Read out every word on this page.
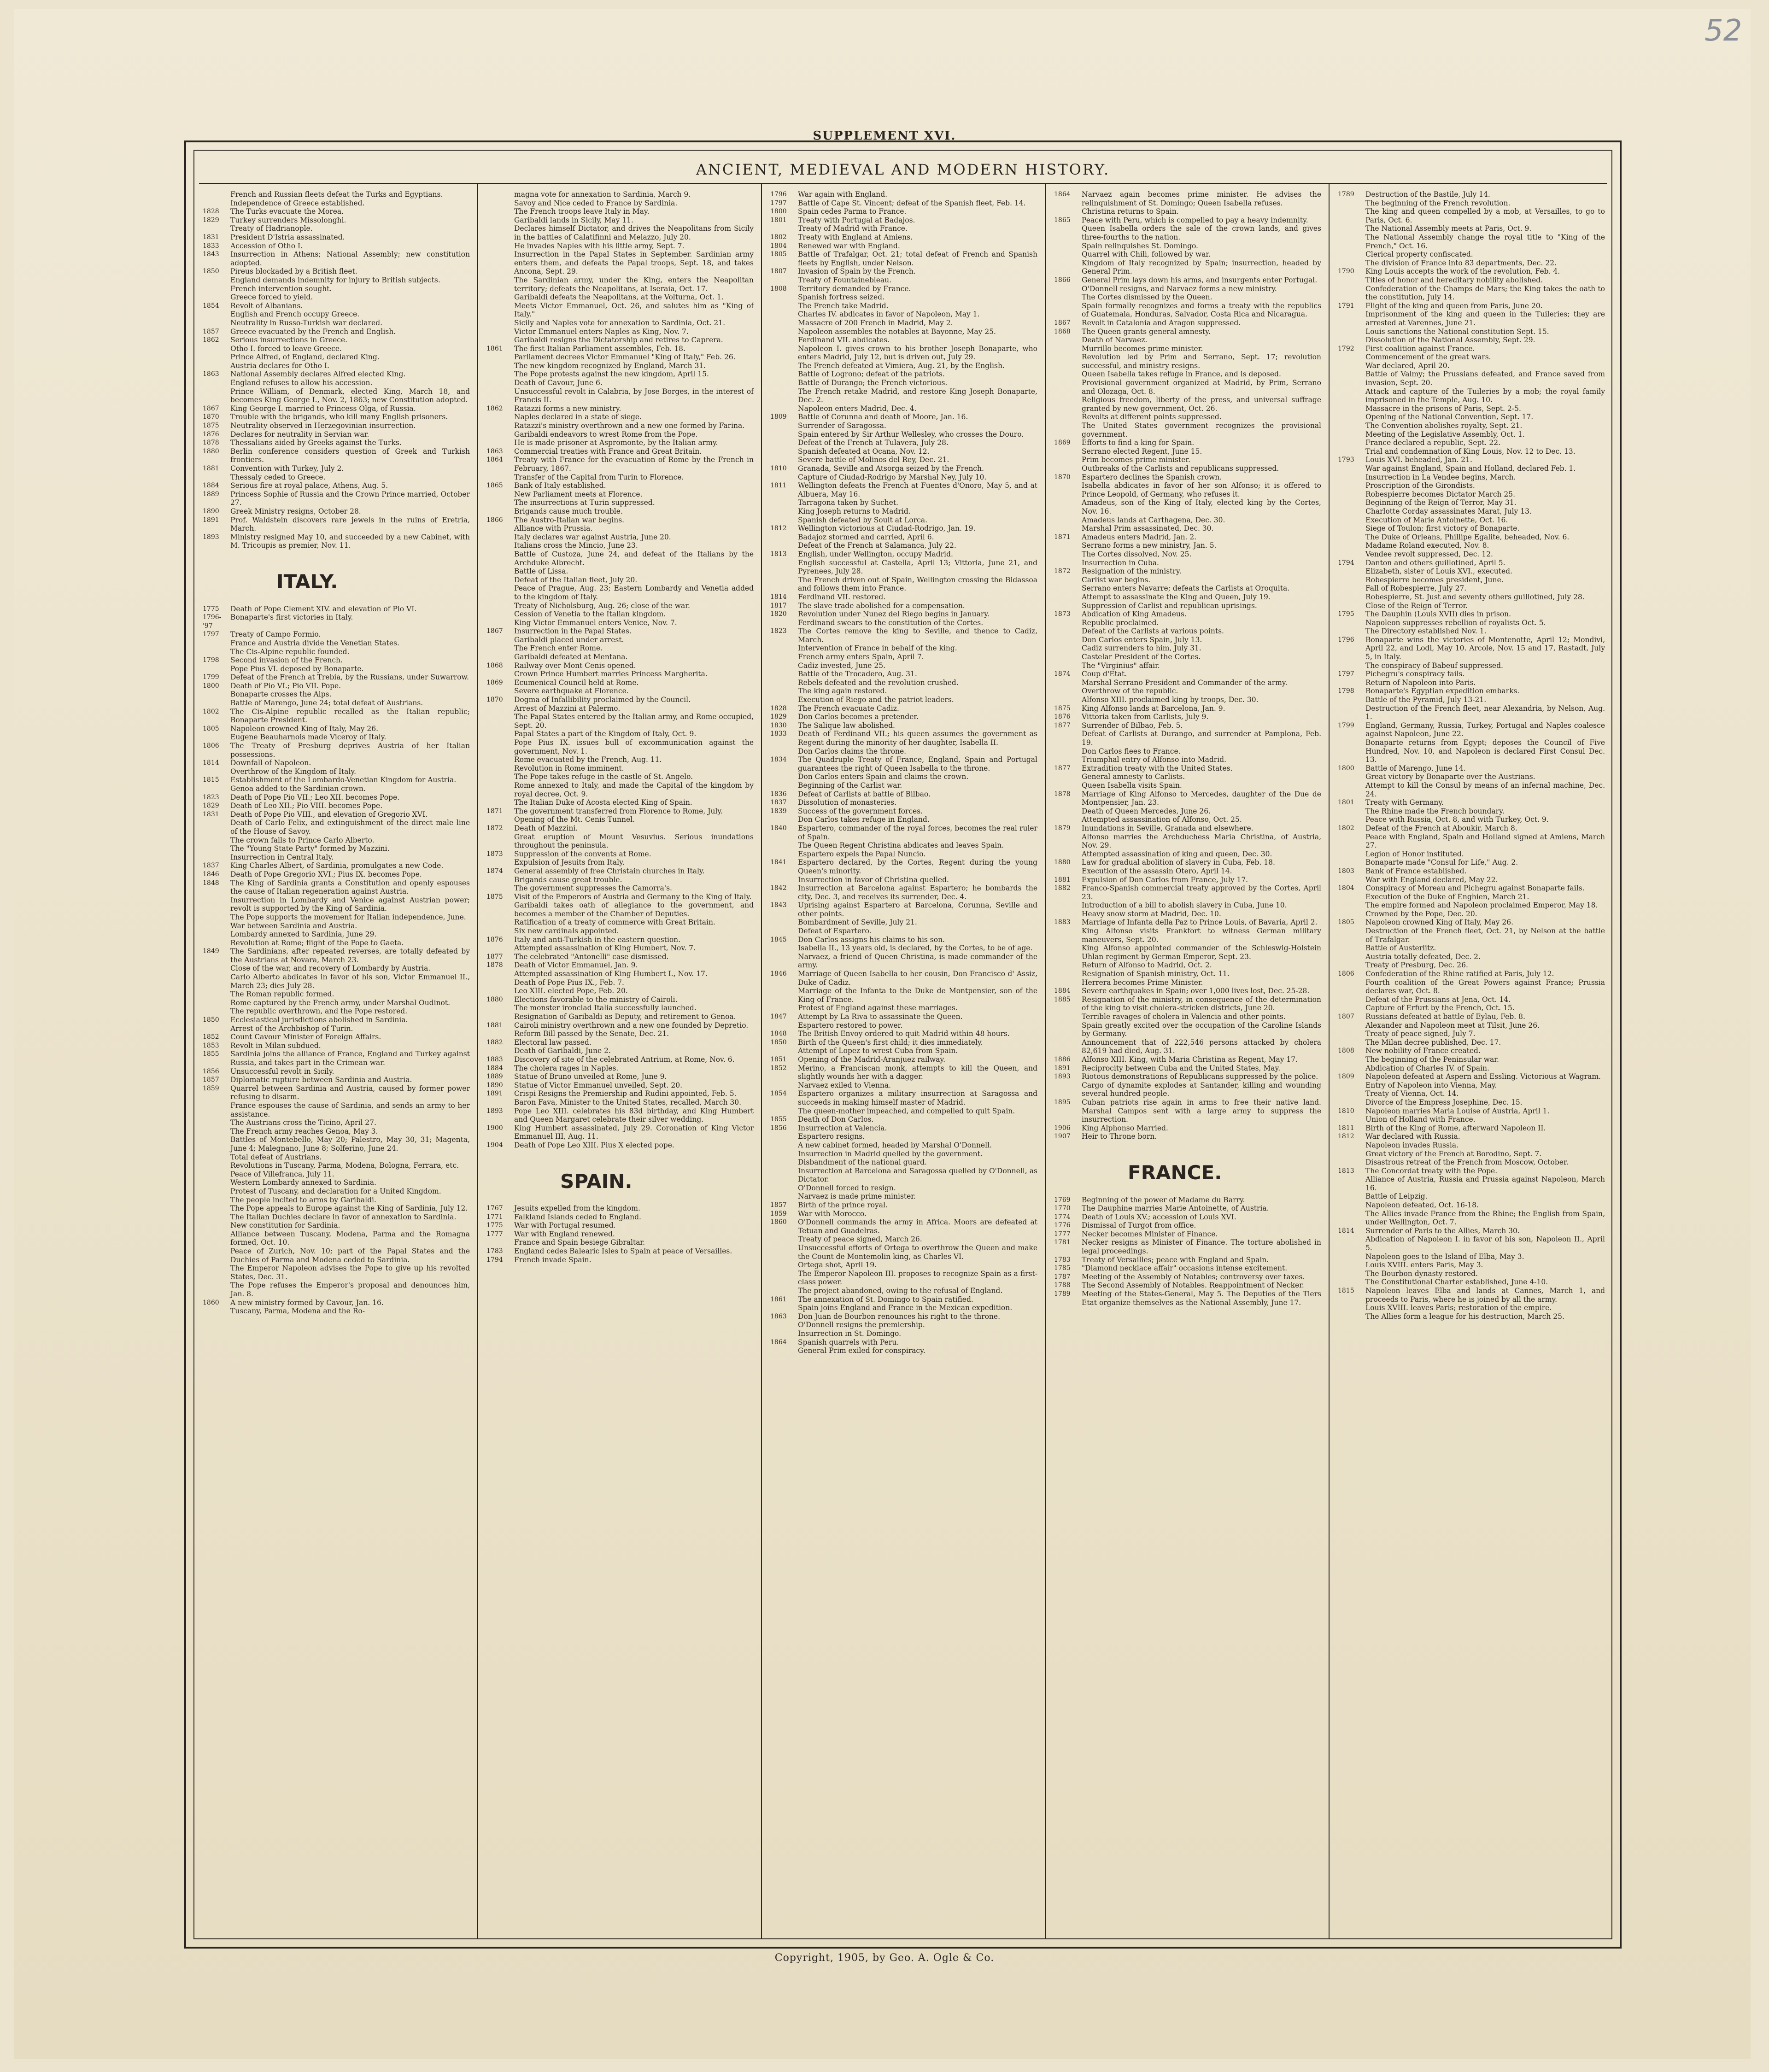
52
SUPPLEMENT XVI.
ANCIENT, MEDIEVAL AND MODERN HISTORY.
French and Russian fleets defeat the Turks and Egyptians.
Independence of Greece established.
1828	The Turks evacuate the Morea.
1829	Turkey surrenders Missolonghi.
Treaty of Hadrianople.
1831	President D'Istria assassinated.
1833	Accession of Otho I.
1843	Insurrection in Athens; National Assembly; new constitution adopted.
1850	Pireus blockaded by a British fleet.
England demands indemnity for injury to British subjects.
French intervention sought.
Greece forced to yield.
1854	Revolt of Albanians.
English and French occupy Greece.
Neutrality in Russo-Turkish war declared.
1857	Greece evacuated by the French and English.
1862	Serious insurrections in Greece.
Otho I. forced to leave Greece.
Prince Alfred, of England, declared King.
Austria declares for Otho I.
1863	National Assembly declares Alfred elected King.
England refuses to allow his accession.
Prince William, of Denmark, elected King, March 18, and becomes King George I., Nov. 2, 1863; new Constitution adopted.
1867	King George I. married to Princess Olga, of Russia.
1870	Trouble with the brigands, who kill many English prisoners.
1875	Neutrality observed in Herzegovinian insurrection.
1876	Declares for neutrality in Servian war.
1878	Thessalians aided by Greeks against the Turks.
1880	Berlin conference considers question of Greek and Turkish frontiers.
1881	Convention with Turkey, July 2.
Thessaly ceded to Greece.
1884	Serious fire at royal palace, Athens, Aug. 5.
1889	Princess Sophie of Russia and the Crown Prince married, October 27.
1890	Greek Ministry resigns, October 28.
1891	Prof. Waldstein discovers rare jewels in the ruins of Eretria, March.
1893	Ministry resigned May 10, and succeeded by a new Cabinet, with M. Tricoupis as premier, Nov. 11.
ITALY.
1775	Death of Pope Clement XIV. and elevation of Pio VI.
1796-'97
Bonaparte's first victories in Italy.
1797	Treaty of Campo Formio.
France and Austria divide the Venetian States.
The Cis-Alpine republic founded.
1798	Second invasion of the French.
Pope Pius VI. deposed by Bonaparte.
1799	Defeat of the French at Trebia, by the Russians, under Suwarrow.
1800	Death of Pio VI.; Pio VII. Pope.
Bonaparte crosses the Alps.
Battle of Marengo, June 24; total defeat of Austrians.
1802	The Cis-Alpine republic recalled as the Italian republic; Bonaparte President.
1805	Napoleon crowned King of Italy, May 26.
Eugene Beauharnois made Viceroy of Italy.
1806	The Treaty of Presburg deprives Austria of her Italian possessions.
1814	Downfall of Napoleon.
Overthrow of the Kingdom of Italy.
1815	Establishment of the Lombardo-Venetian Kingdom for Austria.
Genoa added to the Sardinian crown.
1823	Death of Pope Pio VII.; Leo XII. becomes Pope.
1829	Death of Leo XII.; Pio VIII. becomes Pope.
1831	Death of Pope Pio VIII., and elevation of Gregorio XVI.
Death of Carlo Felix, and extinguishment of the direct male line of the House of Savoy.
The crown falls to Prince Carlo Alberto.
The "Young State Party" formed by Mazzini.
Insurrection in Central Italy.
1837	King Charles Albert, of Sardinia, promulgates a new Code.
1846	Death of Pope Gregorio XVI.; Pius IX. becomes Pope.
1848	The King of Sardinia grants a Constitution and openly espouses the cause of Italian regeneration against Austria.
Insurrection in Lombardy and Venice against Austrian power; revolt is supported by the King of Sardinia.
The Pope supports the movement for Italian independence, June.
War between Sardinia and Austria.
Lombardy annexed to Sardinia, June 29.
Revolution at Rome; flight of the Pope to Gaeta.
1849	The Sardinians, after repeated reverses, are totally defeated by the Austrians at Novara, March 23.
Close of the war, and recovery of Lombardy by Austria.
Carlo Alberto abdicates in favor of his son, Victor Emmanuel II., March 23; dies July 28.
The Roman republic formed.
Rome captured by the French army, under Marshal Oudinot.
The republic overthrown, and the Pope restored.
1850	Ecclesiastical jurisdictions abolished in Sardinia.
Arrest of the Archbishop of Turin.
1852	Count Cavour Minister of Foreign Affairs.
1853	Revolt in Milan subdued.
1855	Sardinia joins the alliance of France, England and Turkey against Russia, and takes part in the Crimean war.
1856	Unsuccessful revolt in Sicily.
1857	Diplomatic rupture between Sardinia and Austria.
1859	Quarrel between Sardinia and Austria, caused by former power refusing to disarm.
France espouses the cause of Sardinia, and sends an army to her assistance.
The Austrians cross the Ticino, April 27.
The French army reaches Genoa, May 3.
Battles of Montebello, May 20; Palestro, May 30, 31; Magenta, June 4; Malegnano, June 8; Solferino, June 24.
Total defeat of Austrians.
Revolutions in Tuscany, Parma, Modena, Bologna, Ferrara, etc.
Peace of Villefranca, July 11.
Western Lombardy annexed to Sardinia.
Protest of Tuscany, and declaration for a United Kingdom.
The people incited to arms by Garibaldi.
The Pope appeals to Europe against the King of Sardinia, July 12.
The Italian Duchies declare in favor of annexation to Sardinia.
New constitution for Sardinia.
Alliance between Tuscany, Modena, Parma and the Romagna formed, Oct. 10.
Peace of Zurich, Nov. 10; part of the Papal States and the Duchies of Parma and Modena ceded to Sardinia.
The Emperor Napoleon advises the Pope to give up his revolted States, Dec. 31.
The Pope refuses the Emperor's proposal and denounces him, Jan. 8.
1860	A new ministry formed by Cavour, Jan. 16.
Tuscany, Parma, Modena and the Ro-
magna vote for annexation to Sardinia, March 9.
Savoy and Nice ceded to France by Sardinia.
The French troops leave Italy in May.
Garibaldi lands in Sicily, May 11.
Declares himself Dictator, and drives the Neapolitans from Sicily in the battles of Calatifinni and Melazzo, July 20.
He invades Naples with his little army, Sept. 7.
Insurrection in the Papal States in September. Sardinian army enters them, and defeats the Papal troops, Sept. 18, and takes Ancona, Sept. 29.
The Sardinian army, under the King, enters the Neapolitan territory; defeats the Neapolitans, at Iseraia, Oct. 17.
Garibaldi defeats the Neapolitans, at the Volturna, Oct. 1.
Meets Victor Emmanuel, Oct. 26, and salutes him as "King of Italy."
Sicily and Naples vote for annexation to Sardinia, Oct. 21.
Victor Emmanuel enters Naples as King, Nov. 7.
Garibaldi resigns the Dictatorship and retires to Caprera.
1861	The first Italian Parliament assembles, Feb. 18.
Parliament decrees Victor Emmanuel "King of Italy," Feb. 26.
The new kingdom recognized by England, March 31.
The Pope protests against the new kingdom, April 15.
Death of Cavour, June 6.
Unsuccessful revolt in Calabria, by Jose Borges, in the interest of Francis II.
1862	Ratazzi forms a new ministry.
Naples declared in a state of siege.
Ratazzi's ministry overthrown and a new one formed by Farina.
Garibaldi endeavors to wrest Rome from the Pope.
He is made prisoner at Aspromonte, by the Italian army.
1863	Commercial treaties with France and Great Britain.
1864	Treaty with France for the evacuation of Rome by the French in February, 1867.
Transfer of the Capital from Turin to Florence.
1865	Bank of Italy established.
New Parliament meets at Florence.
The insurrections at Turin suppressed.
Brigands cause much trouble.
1866	The Austro-Italian war begins.
Alliance with Prussia.
Italy declares war against Austria, June 20.
Italians cross the Mincio, June 23.
Battle of Custoza, June 24, and defeat of the Italians by the Archduke Albrecht.
Battle of Lissa.
Defeat of the Italian fleet, July 20.
Peace of Prague, Aug. 23; Eastern Lombardy and Venetia added to the kingdom of Italy.
Treaty of Nicholsburg, Aug. 26; close of the war.
Cession of Venetia to the Italian kingdom.
King Victor Emmanuel enters Venice, Nov. 7.
1867	Insurrection in the Papal States.
Garibaldi placed under arrest.
The French enter Rome.
Garibaldi defeated at Mentana.
1868	Railway over Mont Cenis opened.
Crown Prince Humbert marries Princess Margherita.
1869	Ecumenical Council held at Rome.
Severe earthquake at Florence.
1870	Dogma of Infallibility proclaimed by the Council.
Arrest of Mazzini at Palermo.
The Papal States entered by the Italian army, and Rome occupied, Sept. 20.
Papal States a part of the Kingdom of Italy, Oct. 9.
Pope Pius IX. issues bull of excommunication against the government, Nov. 1.
Rome evacuated by the French, Aug. 11.
Revolution in Rome imminent.
The Pope takes refuge in the castle of St. Angelo.
Rome annexed to Italy, and made the Capital of the kingdom by royal decree, Oct. 9.
The Italian Duke of Acosta elected King of Spain.
1871	The government transferred from Florence to Rome, July.
Opening of the Mt. Cenis Tunnel.
1872	Death of Mazzini.
Great eruption of Mount Vesuvius. Serious inundations throughout the peninsula.
1873	Suppression of the convents at Rome.
Expulsion of Jesuits from Italy.
1874	General assembly of free Christain churches in Italy.
Brigands cause great trouble.
The government suppresses the Camorra's.
1875	Visit of the Emperors of Austria and Germany to the King of Italy.
Garibaldi takes oath of allegiance to the government, and becomes a member of the Chamber of Deputies.
Ratification of a treaty of commerce with Great Britain.
Six new cardinals appointed.
1876	Italy and anti-Turkish in the eastern question.
Attempted assassination of King Humbert, Nov. 7.
1877	The celebrated "Antonelli" case dismissed.
1878	Death of Victor Emmanuel, Jan. 9.
Attempted assassination of King Humbert I., Nov. 17.
Death of Pope Pius IX., Feb. 7.
Leo XIII. elected Pope, Feb. 20.
1880	Elections favorable to the ministry of Cairoli.
The monster ironclad Italia successfully launched.
Resignation of Garibaldi as Deputy, and retirement to Genoa.
1881	Cairoli ministry overthrown and a new one founded by Depretio.
Reform Bill passed by the Senate, Dec. 21.
1882	Electoral law passed.
Death of Garibaldi, June 2.
1883	Discovery of site of the celebrated Antrium, at Rome, Nov. 6.
1884	The cholera rages in Naples.
1889	Statue of Bruno unveiled at Rome, June 9.
1890	Statue of Victor Emmanuel unveiled, Sept. 20.
1891	Crispi Resigns the Premiership and Rudini appointed, Feb. 5.
Baron Fava, Minister to the United States, recalled, March 30.
1893	Pope Leo XIII. celebrates his 83d birthday, and King Humbert and Queen Margaret celebrate their silver wedding.
1900	King Humbert assassinated, July 29. Coronation of King Victor Emmanuel III, Aug. 11.
1904	Death of Pope Leo XIII. Pius X elected pope.
SPAIN.
1767	Jesuits expelled from the kingdom.
1771	Falkland Islands ceded to England.
1775	War with Portugal resumed.
1777	War with England renewed.
France and Spain besiege Gibraltar.
1783	England cedes Balearic Isles to Spain at peace of Versailles.
1794	French invade Spain.
1796	War again with England.
1797	Battle of Cape St. Vincent; defeat of the Spanish fleet, Feb. 14.
1800	Spain cedes Parma to France.
1801	Treaty with Portugal at Badajos.
Treaty of Madrid with France.
1802	Treaty with England at Amiens.
1804	Renewed war with England.
1805	Battle of Trafalgar, Oct. 21; total defeat of French and Spanish fleets by English, under Nelson.
1807	Invasion of Spain by the French.
Treaty of Fountainebleau.
1808	Territory demanded by France.
Spanish fortress seized.
The French take Madrid.
Charles IV. abdicates in favor of Napoleon, May 1.
Massacre of 200 French in Madrid, May 2.
Napoleon assembles the notables at Bayonne, May 25.
Ferdinand VII. abdicates.
Napoleon I. gives crown to his brother Joseph Bonaparte, who enters Madrid, July 12, but is driven out, July 29.
The French defeated at Vimiera, Aug. 21, by the English.
Battle of Logrono; defeat of the patriots.
Battle of Durango; the French victorious.
The French retake Madrid, and restore King Joseph Bonaparte, Dec. 2.
Napoleon enters Madrid, Dec. 4.
1809	Battle of Corunna and death of Moore, Jan. 16.
Surrender of Saragossa.
Spain entered by Sir Arthur Wellesley, who crosses the Douro.
Defeat of the French at Tulavera, July 28.
Spanish defeated at Ocana, Nov. 12.
Severe battle of Molinos del Rey, Dec. 21.
1810	Granada, Seville and Atsorga seized by the French.
Capture of Ciudad-Rodrigo by Marshal Ney, July 10.
1811	Wellington defeats the French at Fuentes d'Onoro, May 5, and at Albuera, May 16.
Tarragona taken by Suchet.
King Joseph returns to Madrid.
Spanish defeated by Soult at Lorca.
1812	Wellington victorious at Ciudad-Rodrigo, Jan. 19.
Badajoz stormed and carried, April 6.
Defeat of the French at Salamanca, July 22.
1813	English, under Wellington, occupy Madrid.
English successful at Castella, April 13; Vittoria, June 21, and Pyrenees, July 28.
The French driven out of Spain, Wellington crossing the Bidassoa and follows them into France.
1814	Ferdinand VII. restored.
1817	The slave trade abolished for a compensation.
1820	Revolution under Nunez del Riego begins in January.
Ferdinand swears to the constitution of the Cortes.
1823	The Cortes remove the king to Seville, and thence to Cadiz, March.
Intervention of France in behalf of the king.
French army enters Spain, April 7.
Cadiz invested, June 25.
Battle of the Trocadero, Aug. 31.
Rebels defeated and the revolution crushed.
The king again restored.
Execution of Riego and the patriot leaders.
1828	The French evacuate Cadiz.
1829	Don Carlos becomes a pretender.
1830	The Salique law abolished.
1833	Death of Ferdinand VII.; his queen assumes the government as Regent during the minority of her daughter, Isabella II.
Don Carlos claims the throne.
1834	The Quadruple Treaty of France, England, Spain and Portugal guarantees the right of Queen Isabella to the throne.
Don Carlos enters Spain and claims the crown.
Beginning of the Carlist war.
1836	Defeat of Carlists at battle of Bilbao.
1837	Dissolution of monasteries.
1839	Success of the government forces.
Don Carlos takes refuge in England.
1840	Espartero, commander of the royal forces, becomes the real ruler of Spain.
The Queen Regent Christina abdicates and leaves Spain.
Espartero expels the Papal Nuncio.
1841	Espartero declared, by the Cortes, Regent during the young Queen's minority.
Insurrection in favor of Christina quelled.
1842	Insurrection at Barcelona against Espartero; he bombards the city, Dec. 3, and receives its surrender, Dec. 4.
1843	Uprising against Espartero at Barcelona, Corunna, Seville and other points.
Bombardment of Seville, July 21.
Defeat of Espartero.
1845	Don Carlos assigns his claims to his son.
Isabella II., 13 years old, is declared, by the Cortes, to be of age.
Narvaez, a friend of Queen Christina, is made commander of the army.
1846	Marriage of Queen Isabella to her cousin, Don Francisco d' Assiz, Duke of Cadiz.
Marriage of the Infanta to the Duke de Montpensier, son of the King of France.
Protest of England against these marriages.
1847	Attempt by La Riva to assassinate the Queen.
Espartero restored to power.
1848	The British Envoy ordered to quit Madrid within 48 hours.
1850	Birth of the Queen's first child; it dies immediately.
Attempt of Lopez to wrest Cuba from Spain.
1851	Opening of the Madrid-Aranjuez railway.
1852	Merino, a Franciscan monk, attempts to kill the Queen, and slightly wounds her with a dagger.
Narvaez exiled to Vienna.
1854	Espartero organizes a military insurrection at Saragossa and succeeds in making himself master of Madrid.
The queen-mother impeached, and compelled to quit Spain.
1855	Death of Don Carlos.
1856	Insurrection at Valencia.
Espartero resigns.
A new cabinet formed, headed by Marshal O'Donnell.
Insurrection in Madrid quelled by the government.
Disbandment of the national guard.
Insurrection at Barcelona and Saragossa quelled by O'Donnell, as Dictator.
O'Donnell forced to resign.
Narvaez is made prime minister.
1857	Birth of the prince royal.
1859	War with Morocco.
1860	O'Donnell commands the army in Africa. Moors are defeated at Tetuan and Guadelras.
Treaty of peace signed, March 26.
Unsuccessful efforts of Ortega to overthrow the Queen and make the Count de Montemolin king, as Charles VI.
Ortega shot, April 19.
The Emperor Napoleon III. proposes to recognize Spain as a first-class power.
The project abandoned, owing to the refusal of England.
1861	The annexation of St. Domingo to Spain ratified.
Spain joins England and France in the Mexican expedition.
1863	Don Juan de Bourbon renounces his right to the throne.
O'Donnell resigns the premiership.
Insurrection in St. Domingo.
1864	Spanish quarrels with Peru.
General Prim exiled for conspiracy.
1864	Narvaez again becomes prime minister. He advises the relinquishment of St. Domingo; Queen Isabella refuses.
Christina returns to Spain.
1865	Peace with Peru, which is compelled to pay a heavy indemnity.
Queen Isabella orders the sale of the crown lands, and gives three-fourths to the nation.
Spain relinquishes St. Domingo.
Quarrel with Chili, followed by war.
Kingdom of Italy recognized by Spain; insurrection, headed by General Prim.
1866	General Prim lays down his arms, and insurgents enter Portugal.
O'Donnell resigns, and Narvaez forms a new ministry.
The Cortes dismissed by the Queen.
Spain formally recognizes and forms a treaty with the republics of Guatemala, Honduras, Salvador, Costa Rica and Nicaragua.
1867	Revolt in Catalonia and Aragon suppressed.
1868	The Queen grants general amnesty.
Death of Narvaez.
Murrillo becomes prime minister.
Revolution led by Prim and Serrano, Sept. 17; revolution successful, and ministry resigns.
Queen Isabella takes refuge in France, and is deposed.
Provisional government organized at Madrid, by Prim, Serrano and Olozaga, Oct. 8.
Religious freedom, liberty of the press, and universal suffrage granted by new government, Oct. 26.
Revolts at different points suppressed.
The United States government recognizes the provisional government.
1869	Efforts to find a king for Spain.
Serrano elected Regent, June 15.
Prim becomes prime minister.
Outbreaks of the Carlists and republicans suppressed.
1870	Espartero declines the Spanish crown.
Isabella abdicates in favor of her son Alfonso; it is offered to Prince Leopold, of Germany, who refuses it.
Amadeus, son of the King of Italy, elected king by the Cortes, Nov. 16.
Amadeus lands at Carthagena, Dec. 30.
Marshal Prim assassinated, Dec. 30.
1871	Amadeus enters Madrid, Jan. 2.
Serrano forms a new ministry, Jan. 5.
The Cortes dissolved, Nov. 25.
Insurrection in Cuba.
1872	Resignation of the ministry.
Carlist war begins.
Serrano enters Navarre; defeats the Carlists at Oroquita.
Attempt to assassinate the King and Queen, July 19.
Suppression of Carlist and republican uprisings.
1873	Abdication of King Amadeus.
Republic proclaimed.
Defeat of the Carlists at various points.
Don Carlos enters Spain, July 13.
Cadiz surrenders to him, July 31.
Castelar President of the Cortes.
The "Virginius" affair.
1874	Coup d'Etat.
Marshal Serrano President and Commander of the army.
Overthrow of the republic.
Alfonso XIII. proclaimed king by troops, Dec. 30.
1875	King Alfonso lands at Barcelona, Jan. 9.
1876	Vittoria taken from Carlists, July 9.
1877	Surrender of Bilbao, Feb. 5.
Defeat of Carlists at Durango, and surrender at Pamplona, Feb. 19.
Don Carlos flees to France.
Triumphal entry of Alfonso into Madrid.
1877	Extradition treaty with the United States.
General amnesty to Carlists.
Queen Isabella visits Spain.
1878	Marriage of King Alfonso to Mercedes, daughter of the Due de Montpensier, Jan. 23.
Death of Queen Mercedes, June 26.
Attempted assassination of Alfonso, Oct. 25.
1879	Inundations in Seville, Granada and elsewhere.
Alfonso marries the Archduchess Maria Christina, of Austria, Nov. 29.
Attempted assassination of king and queen, Dec. 30.
1880	Law for gradual abolition of slavery in Cuba, Feb. 18.
Execution of the assassin Otero, April 14.
1881	Expulsion of Don Carlos from France, July 17.
1882	Franco-Spanish commercial treaty approved by the Cortes, April 23.
Introduction of a bill to abolish slavery in Cuba, June 10.
Heavy snow storm at Madrid, Dec. 10.
1883	Marriage of Infanta della Paz to Prince Louis, of Bavaria, April 2.
King Alfonso visits Frankfort to witness German military maneuvers, Sept. 20.
King Alfonso appointed commander of the Schleswig-Holstein Uhlan regiment by German Emperor, Sept. 23.
Return of Alfonso to Madrid, Oct. 2.
Resignation of Spanish ministry, Oct. 11.
Herrera becomes Prime Minister.
1884	Severe earthquakes in Spain; over 1,000 lives lost, Dec. 25-28.
1885	Resignation of the ministry, in consequence of the determination of the king to visit cholera-stricken districts, June 20.
Terrible ravages of cholera in Valencia and other points.
Spain greatly excited over the occupation of the Caroline Islands by Germany.
Announcement that of 222,546 persons attacked by cholera 82,619 had died, Aug. 31.
1886	Alfonso XIII. King, with Maria Christina as Regent, May 17.
1891	Reciprocity between Cuba and the United States, May.
1893	Riotous demonstrations of Republicans suppressed by the police.
Cargo of dynamite explodes at Santander, killing and wounding several hundred people.
1895	Cuban patriots rise again in arms to free their native land. Marshal Campos sent with a large army to suppress the insurrection.
1906	King Alphonso Married.
1907	Heir to Throne born.
FRANCE.
1769	Beginning of the power of Madame du Barry.
1770	The Dauphine marries Marie Antoinette, of Austria.
1774	Death of Louis XV.; accession of Louis XVI.
1776	Dismissal of Turgot from office.
1777	Necker becomes Minister of Finance.
1781	Necker resigns as Minister of Finance. The torture abolished in legal proceedings.
1783	Treaty of Versailles; peace with England and Spain.
1785	"Diamond necklace affair" occasions intense excitement.
1787	Meeting of the Assembly of Notables; controversy over taxes.
1788	The Second Assembly of Notables. Reappointment of Necker.
1789	Meeting of the States-General, May 5. The Deputies of the Tiers Etat organize themselves as the National Assembly, June 17.
1789	Destruction of the Bastile, July 14.
The beginning of the French revolution.
The king and queen compelled by a mob, at Versailles, to go to Paris, Oct. 6.
The National Assembly meets at Paris, Oct. 9.
The National Assembly change the royal title to "King of the French," Oct. 16.
Clerical property confiscated.
The division of France into 83 departments, Dec. 22.
1790	King Louis accepts the work of the revolution, Feb. 4.
Titles of honor and hereditary nobility abolished.
Confederation of the Champs de Mars; the King takes the oath to the constitution, July 14.
1791	Flight of the king and queen from Paris, June 20.
Imprisonment of the king and queen in the Tuileries; they are arrested at Varennes, June 21.
Louis sanctions the National constitution Sept. 15.
Dissolution of the National Assembly, Sept. 29.
1792	First coalition against France.
Commencement of the great wars.
War declared, April 20.
Battle of Valmy; the Prussians defeated, and France saved from invasion, Sept. 20.
Attack and capture of the Tuileries by a mob; the royal family imprisoned in the Temple, Aug. 10.
Massacre in the prisons of Paris, Sept. 2-5.
Opening of the National Convention, Sept. 17.
The Convention abolishes royalty, Sept. 21.
Meeting of the Legislative Assembly, Oct. 1.
France declared a republic, Sept. 22.
Trial and condemnation of King Louis, Nov. 12 to Dec. 13.
1793	Louis XVI. beheaded, Jan. 21.
War against England, Spain and Holland, declared Feb. 1.
Insurrection in La Vendee begins, March.
Proscription of the Girondists.
Robespierre becomes Dictator March 25.
Beginning of the Reign of Terror, May 31.
Charlotte Corday assassinates Marat, July 13.
Execution of Marie Antoinette, Oct. 16.
Siege of Toulon; first victory of Bonaparte.
The Duke of Orleans, Phillipe Egalite, beheaded, Nov. 6.
Madame Roland executed, Nov. 8.
Vendee revolt suppressed, Dec. 12.
1794	Danton and others guillotined, April 5.
Elizabeth, sister of Louis XVI., executed.
Robespierre becomes president, June.
Fall of Robespierre, July 27.
Robespierre, St. Just and seventy others guillotined, July 28.
Close of the Reign of Terror.
1795	The Dauphin (Louis XVII) dies in prison.
Napoleon suppresses rebellion of royalists Oct. 5.
The Directory established Nov. 1.
1796	Bonaparte wins the victories of Montenotte, April 12; Mondivi, April 22, and Lodi, May 10. Arcole, Nov. 15 and 17, Rastadt, July 5, in Italy.
The conspiracy of Babeuf suppressed.
1797	Pichegru's conspiracy fails.
Return of Napoleon into Paris.
1798	Bonaparte's Egyptian expedition embarks.
Battle of the Pyramid, July 13-21.
Destruction of the French fleet, near Alexandria, by Nelson, Aug. 1.
1799	England, Germany, Russia, Turkey, Portugal and Naples coalesce against Napoleon, June 22.
Bonaparte returns from Egypt; deposes the Council of Five Hundred, Nov. 10, and Napoleon is declared First Consul Dec. 13.
1800	Battle of Marengo, June 14.
Great victory by Bonaparte over the Austrians.
Attempt to kill the Consul by means of an infernal machine, Dec. 24.
1801	Treaty with Germany.
The Rhine made the French boundary.
Peace with Russia, Oct. 8, and with Turkey, Oct. 9.
1802	Defeat of the French at Aboukir, March 8.
Peace with England, Spain and Holland signed at Amiens, March 27.
Legion of Honor instituted.
Bonaparte made "Consul for Life," Aug. 2.
1803	Bank of France established.
War with England declared, May 22.
1804	Conspiracy of Moreau and Pichegru against Bonaparte fails.
Execution of the Duke of Enghien, March 21.
The empire formed and Napoleon proclaimed Emperor, May 18.
Crowned by the Pope, Dec. 20.
1805	Napoleon crowned King of Italy, May 26.
Destruction of the French fleet, Oct. 21, by Nelson at the battle of Trafalgar.
Battle of Austerlitz.
Austria totally defeated, Dec. 2.
Treaty of Presburg, Dec. 26.
1806	Confederation of the Rhine ratified at Paris, July 12.
Fourth coalition of the Great Powers against France; Prussia declares war, Oct. 8.
Defeat of the Prussians at Jena, Oct. 14.
Capture of Erfurt by the French, Oct. 15.
1807	Russians defeated at battle of Eylau, Feb. 8.
Alexander and Napoleon meet at Tilsit, June 26.
Treaty of peace signed, July 7.
The Milan decree published, Dec. 17.
1808	New nobility of France created.
The beginning of the Peninsular war.
Abdication of Charles IV. of Spain.
1809	Napoleon defeated at Aspern and Essling. Victorious at Wagram.
Entry of Napoleon into Vienna, May.
Treaty of Vienna, Oct. 14.
Divorce of the Empress Josephine, Dec. 15.
1810	Napoleon marries Maria Louise of Austria, April 1.
Union of Holland with France.
1811	Birth of the King of Rome, afterward Napoleon II.
1812	War declared with Russia.
Napoleon invades Russia.
Great victory of the French at Borodino, Sept. 7.
Disastrous retreat of the French from Moscow, October.
1813	The Concordat treaty with the Pope.
Alliance of Austria, Russia and Prussia against Napoleon, March 16.
Battle of Leipzig.
Napoleon defeated, Oct. 16-18.
The Allies invade France from the Rhine; the English from Spain, under Wellington, Oct. 7.
1814	Surrender of Paris to the Allies, March 30.
Abdication of Napoleon I. in favor of his son, Napoleon II., April 5.
Napoleon goes to the Island of Elba, May 3.
Louis XVIII. enters Paris, May 3.
The Bourbon dynasty restored.
The Constitutional Charter established, June 4-10.
1815	Napoleon leaves Elba and lands at Cannes, March 1, and proceeds to Paris, where he is joined by all the army.
Louis XVIII. leaves Paris; restoration of the empire.
The Allies form a league for his destruction, March 25.
Copyright, 1905, by Geo. A. Ogle & Co.
